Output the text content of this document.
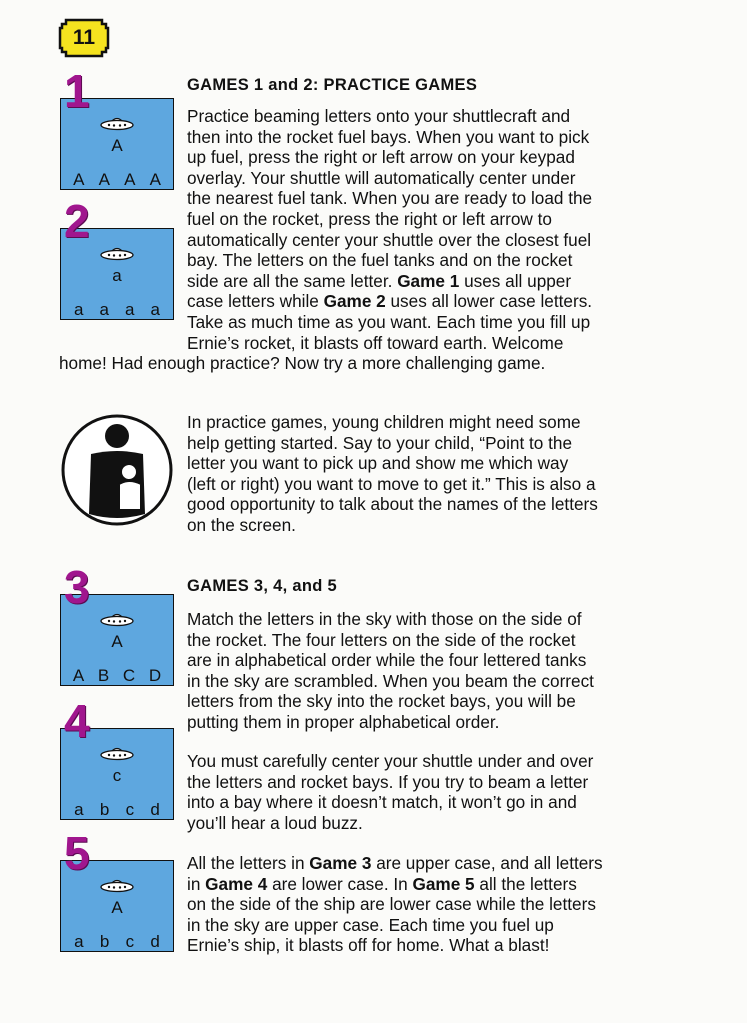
11
GAMES 1 and 2: PRACTICE GAMES
Practice beaming letters onto your shuttlecraft and
then into the rocket fuel bays. When you want to pick
up fuel, press the right or left arrow on your keypad
overlay. Your shuttle will automatically center under
the nearest fuel tank. When you are ready to load the
fuel on the rocket, press the right or left arrow to
automatically center your shuttle over the closest fuel
bay. The letters on the fuel tanks and on the rocket
side are all the same letter. Game 1 uses all upper
case letters while Game 2 uses all lower case letters.
Take as much time as you want. Each time you fill up
Ernie’s rocket, it blasts off toward earth. Welcome
home! Had enough practice? Now try a more challenging game.
In practice games, young children might need some
help getting started. Say to your child, “Point to the
letter you want to pick up and show me which way
(left or right) you want to move to get it.” This is also a
good opportunity to talk about the names of the letters
on the screen.
GAMES 3, 4, and 5
Match the letters in the sky with those on the side of
the rocket. The four letters on the side of the rocket
are in alphabetical order while the four lettered tanks
in the sky are scrambled. When you beam the correct
letters from the sky into the rocket bays, you will be
putting them in proper alphabetical order.
You must carefully center your shuttle under and over
the letters and rocket bays. If you try to beam a letter
into a bay where it doesn’t match, it won’t go in and
you’ll hear a loud buzz.
All the letters in Game 3 are upper case, and all letters
in Game 4 are lower case. In Game 5 all the letters
on the side of the ship are lower case while the letters
in the sky are upper case. Each time you fuel up
Ernie’s ship, it blasts off for home. What a blast!
1
A
2
a
3
A
4
c
5
A
